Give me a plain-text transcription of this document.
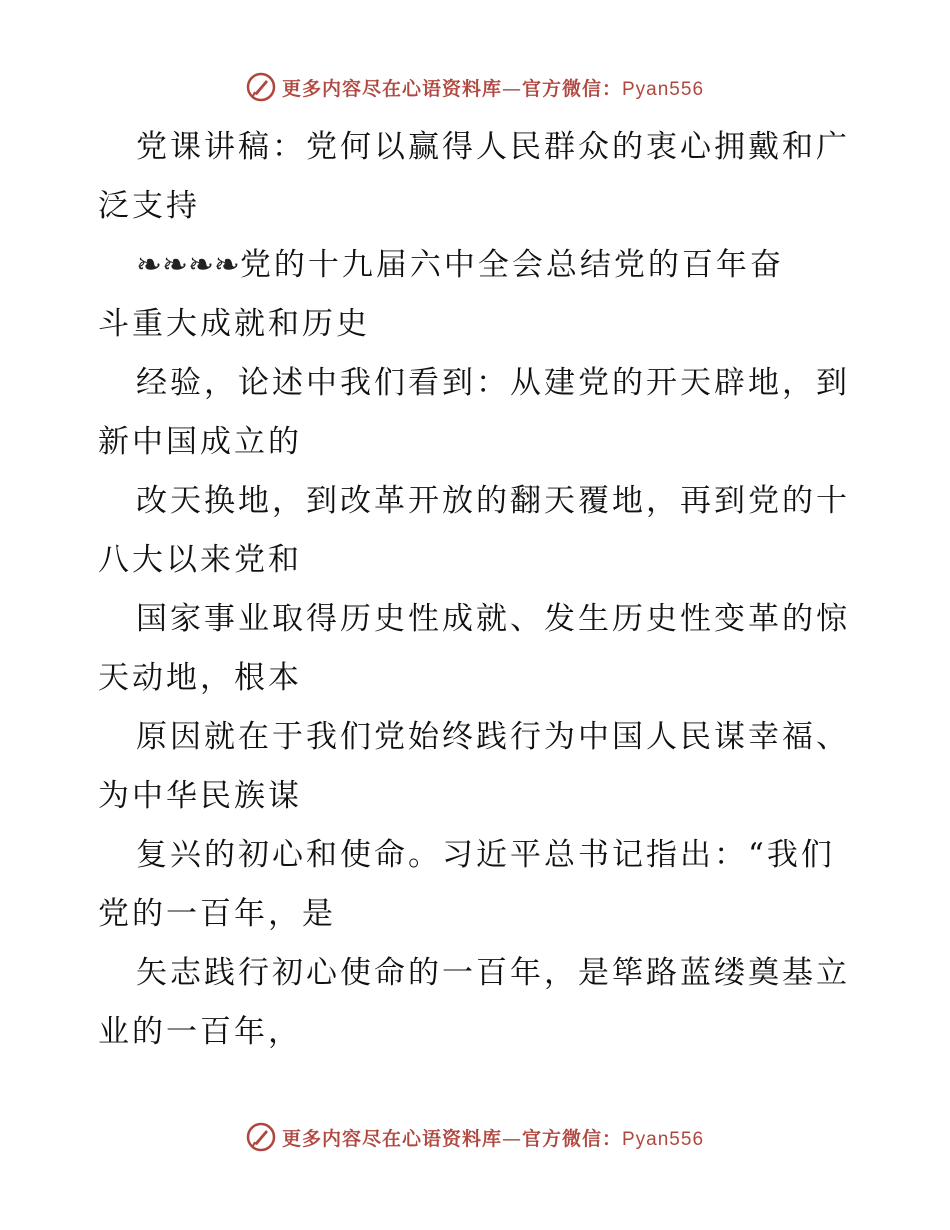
更多内容尽在心语资料库—官方微信：Pyan556

党课讲稿：党何以赢得人民群众的衷心拥戴和广
泛支持

❧❧❧❧党的十九届六中全会总结党的百年奋
斗重大成就和历史

经验，论述中我们看到：从建党的开天辟地，到
新中国成立的

改天换地，到改革开放的翻天覆地，再到党的十
八大以来党和

国家事业取得历史性成就、发生历史性变革的惊
天动地，根本

原因就在于我们党始终践行为中国人民谋幸福、
为中华民族谋

复兴的初心和使命。习近平总书记指出：“我们
党的一百年，是

矢志践行初心使命的一百年，是筚路蓝缕奠基立
业的一百年，

更多内容尽在心语资料库—官方微信：Pyan556
